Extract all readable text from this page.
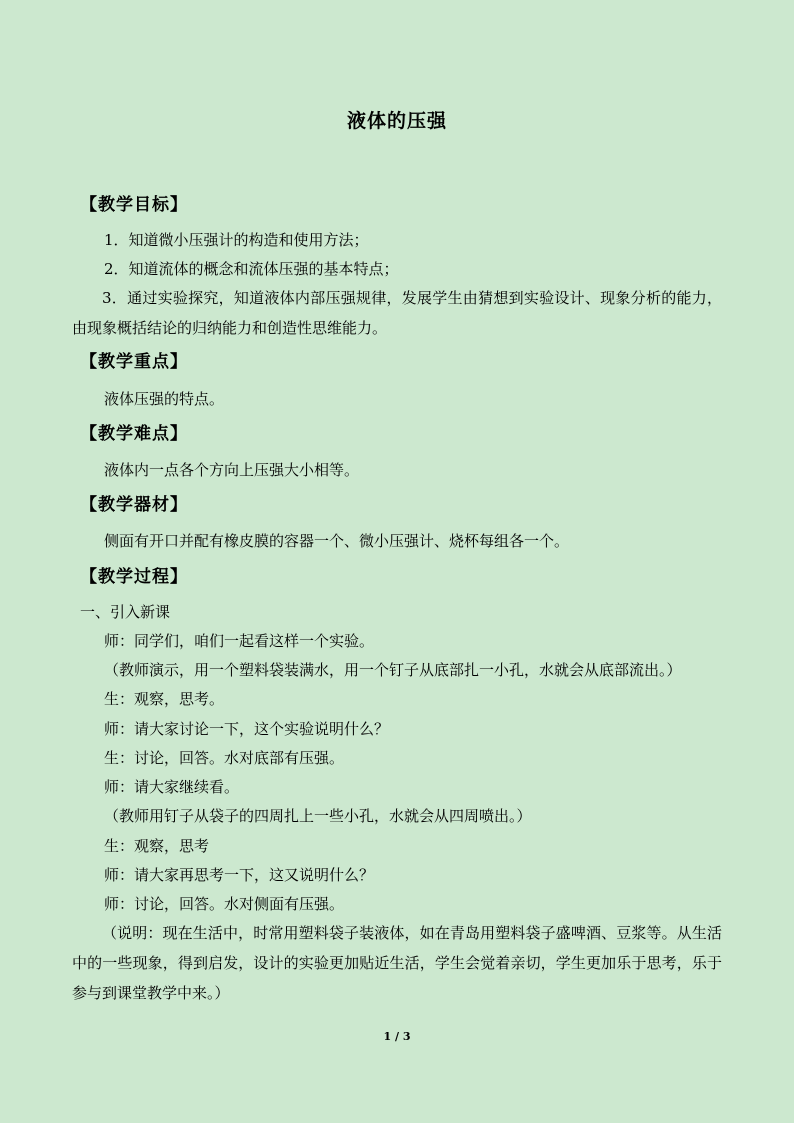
液体的压强
【教学目标】
1．知道微小压强计的构造和使用方法；
2．知道流体的概念和流体压强的基本特点；
3．通过实验探究，知道液体内部压强规律，发展学生由猜想到实验设计、现象分析的能力，由现象概括结论的归纳能力和创造性思维能力。
【教学重点】
液体压强的特点。
【教学难点】
液体内一点各个方向上压强大小相等。
【教学器材】
侧面有开口并配有橡皮膜的容器一个、微小压强计、烧杯每组各一个。
【教学过程】
一、引入新课
师：同学们，咱们一起看这样一个实验。
（教师演示，用一个塑料袋装满水，用一个钉子从底部扎一小孔，水就会从底部流出。）
生：观察，思考。
师：请大家讨论一下，这个实验说明什么？
生：讨论，回答。水对底部有压强。
师：请大家继续看。
（教师用钉子从袋子的四周扎上一些小孔，水就会从四周喷出。）
生：观察，思考
师：请大家再思考一下，这又说明什么？
师：讨论，回答。水对侧面有压强。
（说明：现在生活中，时常用塑料袋子装液体，如在青岛用塑料袋子盛啤酒、豆浆等。从生活中的一些现象，得到启发，设计的实验更加贴近生活，学生会觉着亲切，学生更加乐于思考，乐于参与到课堂教学中来。）
1 / 3
